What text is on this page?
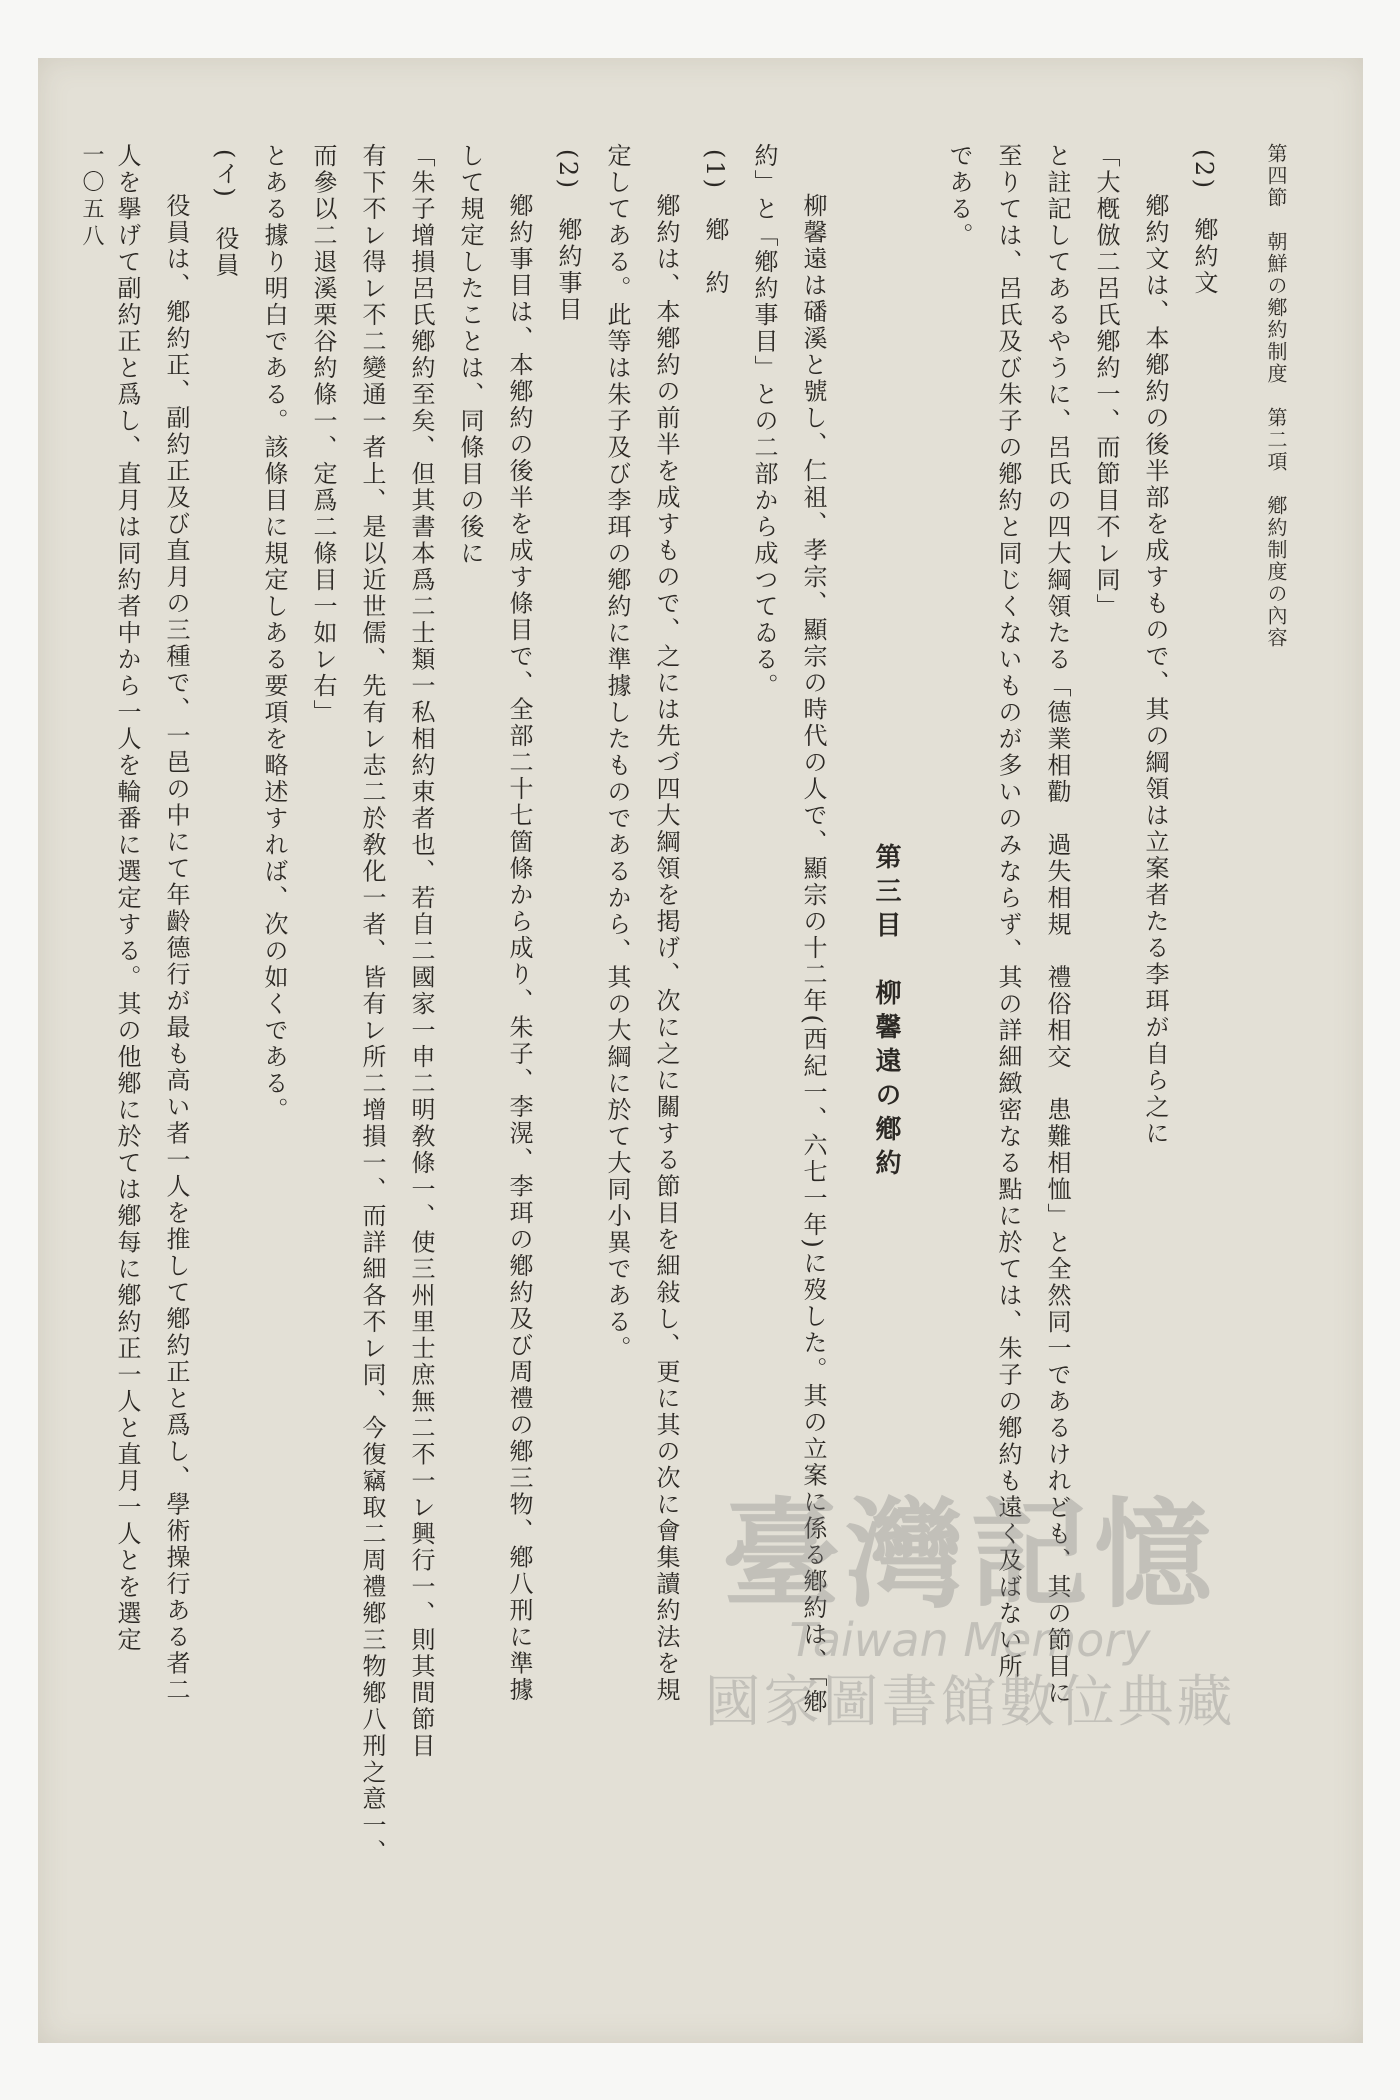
第四節　朝鮮の鄕約制度　第二項　鄕約制度の內容
一〇五八	(2)　鄕約文

鄕約文は、本鄕約の後半部を成すもので、其の綱領は立案者たる李珥が自ら之に

「大槪倣二呂氏鄕約一、而節目不レ同」

と註記してあるやうに、呂氏の四大綱領たる「德業相勸　過失相規　禮俗相交　患難相恤」と全然同一であるけれども、其の節目に

至りては、呂氏及び朱子の鄕約と同じくないものが多いのみならず、其の詳細緻密なる點に於ては、朱子の鄕約も遠く及ばない所

である。

第三目　柳馨遠の鄕約

柳馨遠は磻溪と號し、仁祖、孝宗、顯宗の時代の人で、顯宗の十二年(西紀一、六七一年)に歿した。其の立案に係る鄕約は、「鄕

約」と「鄕約事目」との二部から成つてゐる。

(1)　鄕　約

鄕約は、本鄕約の前半を成すもので、之には先づ四大綱領を掲げ、次に之に關する節目を細敍し、更に其の次に會集讀約法を規

定してある。此等は朱子及び李珥の鄕約に準據したものであるから、其の大綱に於て大同小異である。

(2)　鄕約事目

鄕約事目は、本鄕約の後半を成す條目で、全部二十七箇條から成り、朱子、李滉、李珥の鄕約及び周禮の鄕三物、鄕八刑に準據

して規定したことは、同條目の後に

「朱子增損呂氏鄕約至矣、但其書本爲二士類一私相約束者也、若自二國家一申二明敎條一、使三州里士庶無二不一レ興行一、則其間節目

有下不レ得レ不二變通一者上、是以近世儒、先有レ志二於敎化一者、皆有レ所二增損一、而詳細各不レ同、今復竊取二周禮鄕三物鄕八刑之意一、

而參以二退溪栗谷約條一、定爲二條目一如レ右」

とある據り明白である。該條目に規定しある要項を略述すれば、次の如くである。

(イ)　役員

役員は、鄕約正、副約正及び直月の三種で、一邑の中にて年齡德行が最も高い者一人を推して鄕約正と爲し、學術操行ある者二

人を擧げて副約正と爲し、直月は同約者中から一人を輪番に選定する。其の他鄕に於ては鄕每に鄕約正一人と直月一人とを選定	臺灣記憶
Taiwan Memory
國家圖書館數位典藏
